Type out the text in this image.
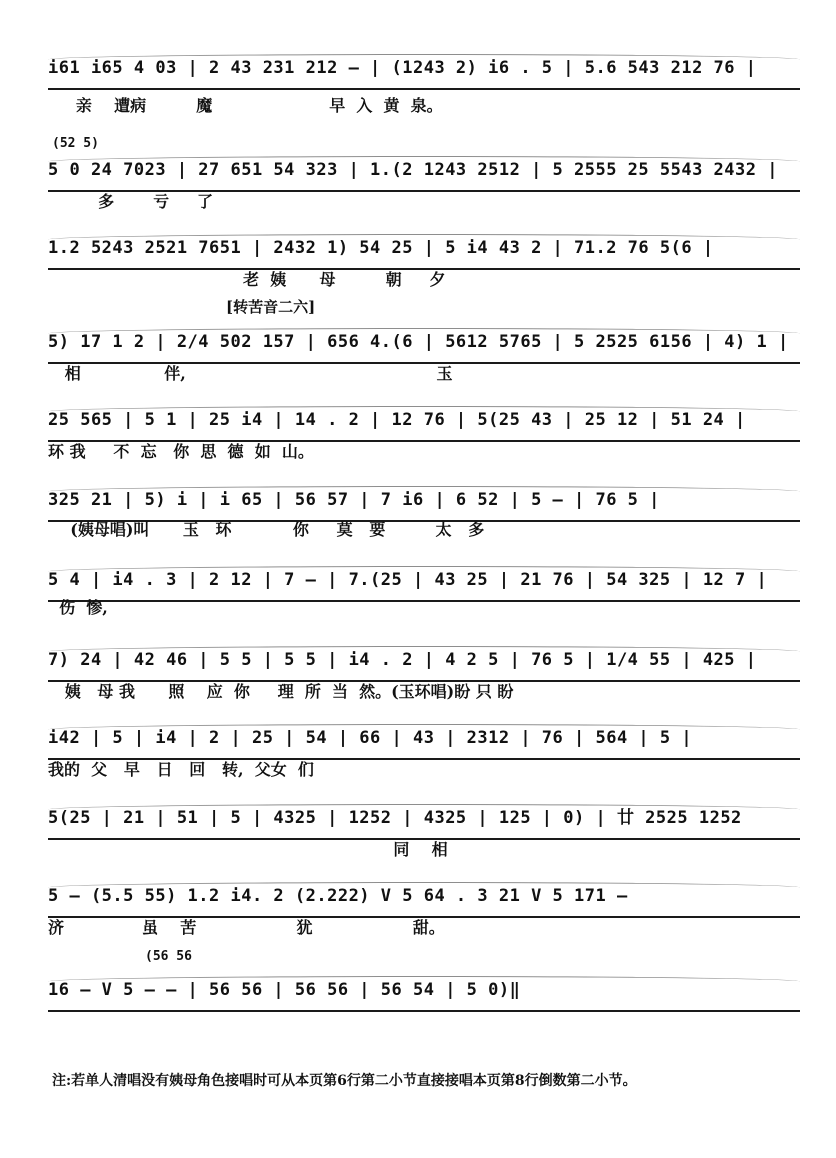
i61 i65 4 03 | 2 43 231 212 — | (1243 2) i6 . 5 | 5.6 543 212 76 |
亲    遭病         魔                     早  入  黄  泉。
(52 5)
5 0 24 7023 | 27 651 54 323 | 1.(2 1243 2512 | 5 2555 25 5543 2432 |
多       亏     了
1.2 5243 2521 7651 | 2432 1) 54 25 | 5 i4 43 2 | 71.2 76 5(6 |
老  姨      母         朝     夕
[转苦音二六]
5) 17 1 2 | 2/4 502 157 | 656 4.(6 | 5612 5765 | 5 2525 6156 | 4) 1 |
相               伴,                                             玉
25 565 | 5 1 | 25 i4 | 14 . 2 | 12 76 | 5(25 43 | 25 12 | 51 24 |
环 我     不  忘   你  思  德  如  山。
325 21 | 5) i | i 65 | 56 57 | 7 i6 | 6 52 | 5 — | 76 5 |
(姨母唱)叫      玉   环           你     莫   要         太   多
5 4 | i4 . 3 | 2 12 | 7 — | 7.(25 | 43 25 | 21 76 | 54 325 | 12 7 |
伤  惨,
7) 24 | 42 46 | 5 5 | 5 5 | i4 . 2 | 4 2 5 | 76 5 | 1/4 55 | 425 |
姨   母 我      照    应  你     理  所  当  然。(玉环唱)盼 只 盼
i42 | 5 | i4 | 2 | 25 | 54 | 66 | 43 | 2312 | 76 | 564 | 5 |
我的  父   早   日   回   转,  父女  们
5(25 | 21 | 51 | 5 | 4325 | 1252 | 4325 | 125 | 0) | 廿 2525 1252
同    相
5 — (5.5 55) 1.2 i4. 2 (2.222) V 5 64 . 3 21 V 5 171 —
济              虽    苦                  犹                  甜。
(56 56
16 — V 5 — — | 56 56 | 56 56 | 56 54 | 5 0)‖
注:若单人清唱没有姨母角色接唱时可从本页第6行第二小节直接接唱本页第8行倒数第二小节。
